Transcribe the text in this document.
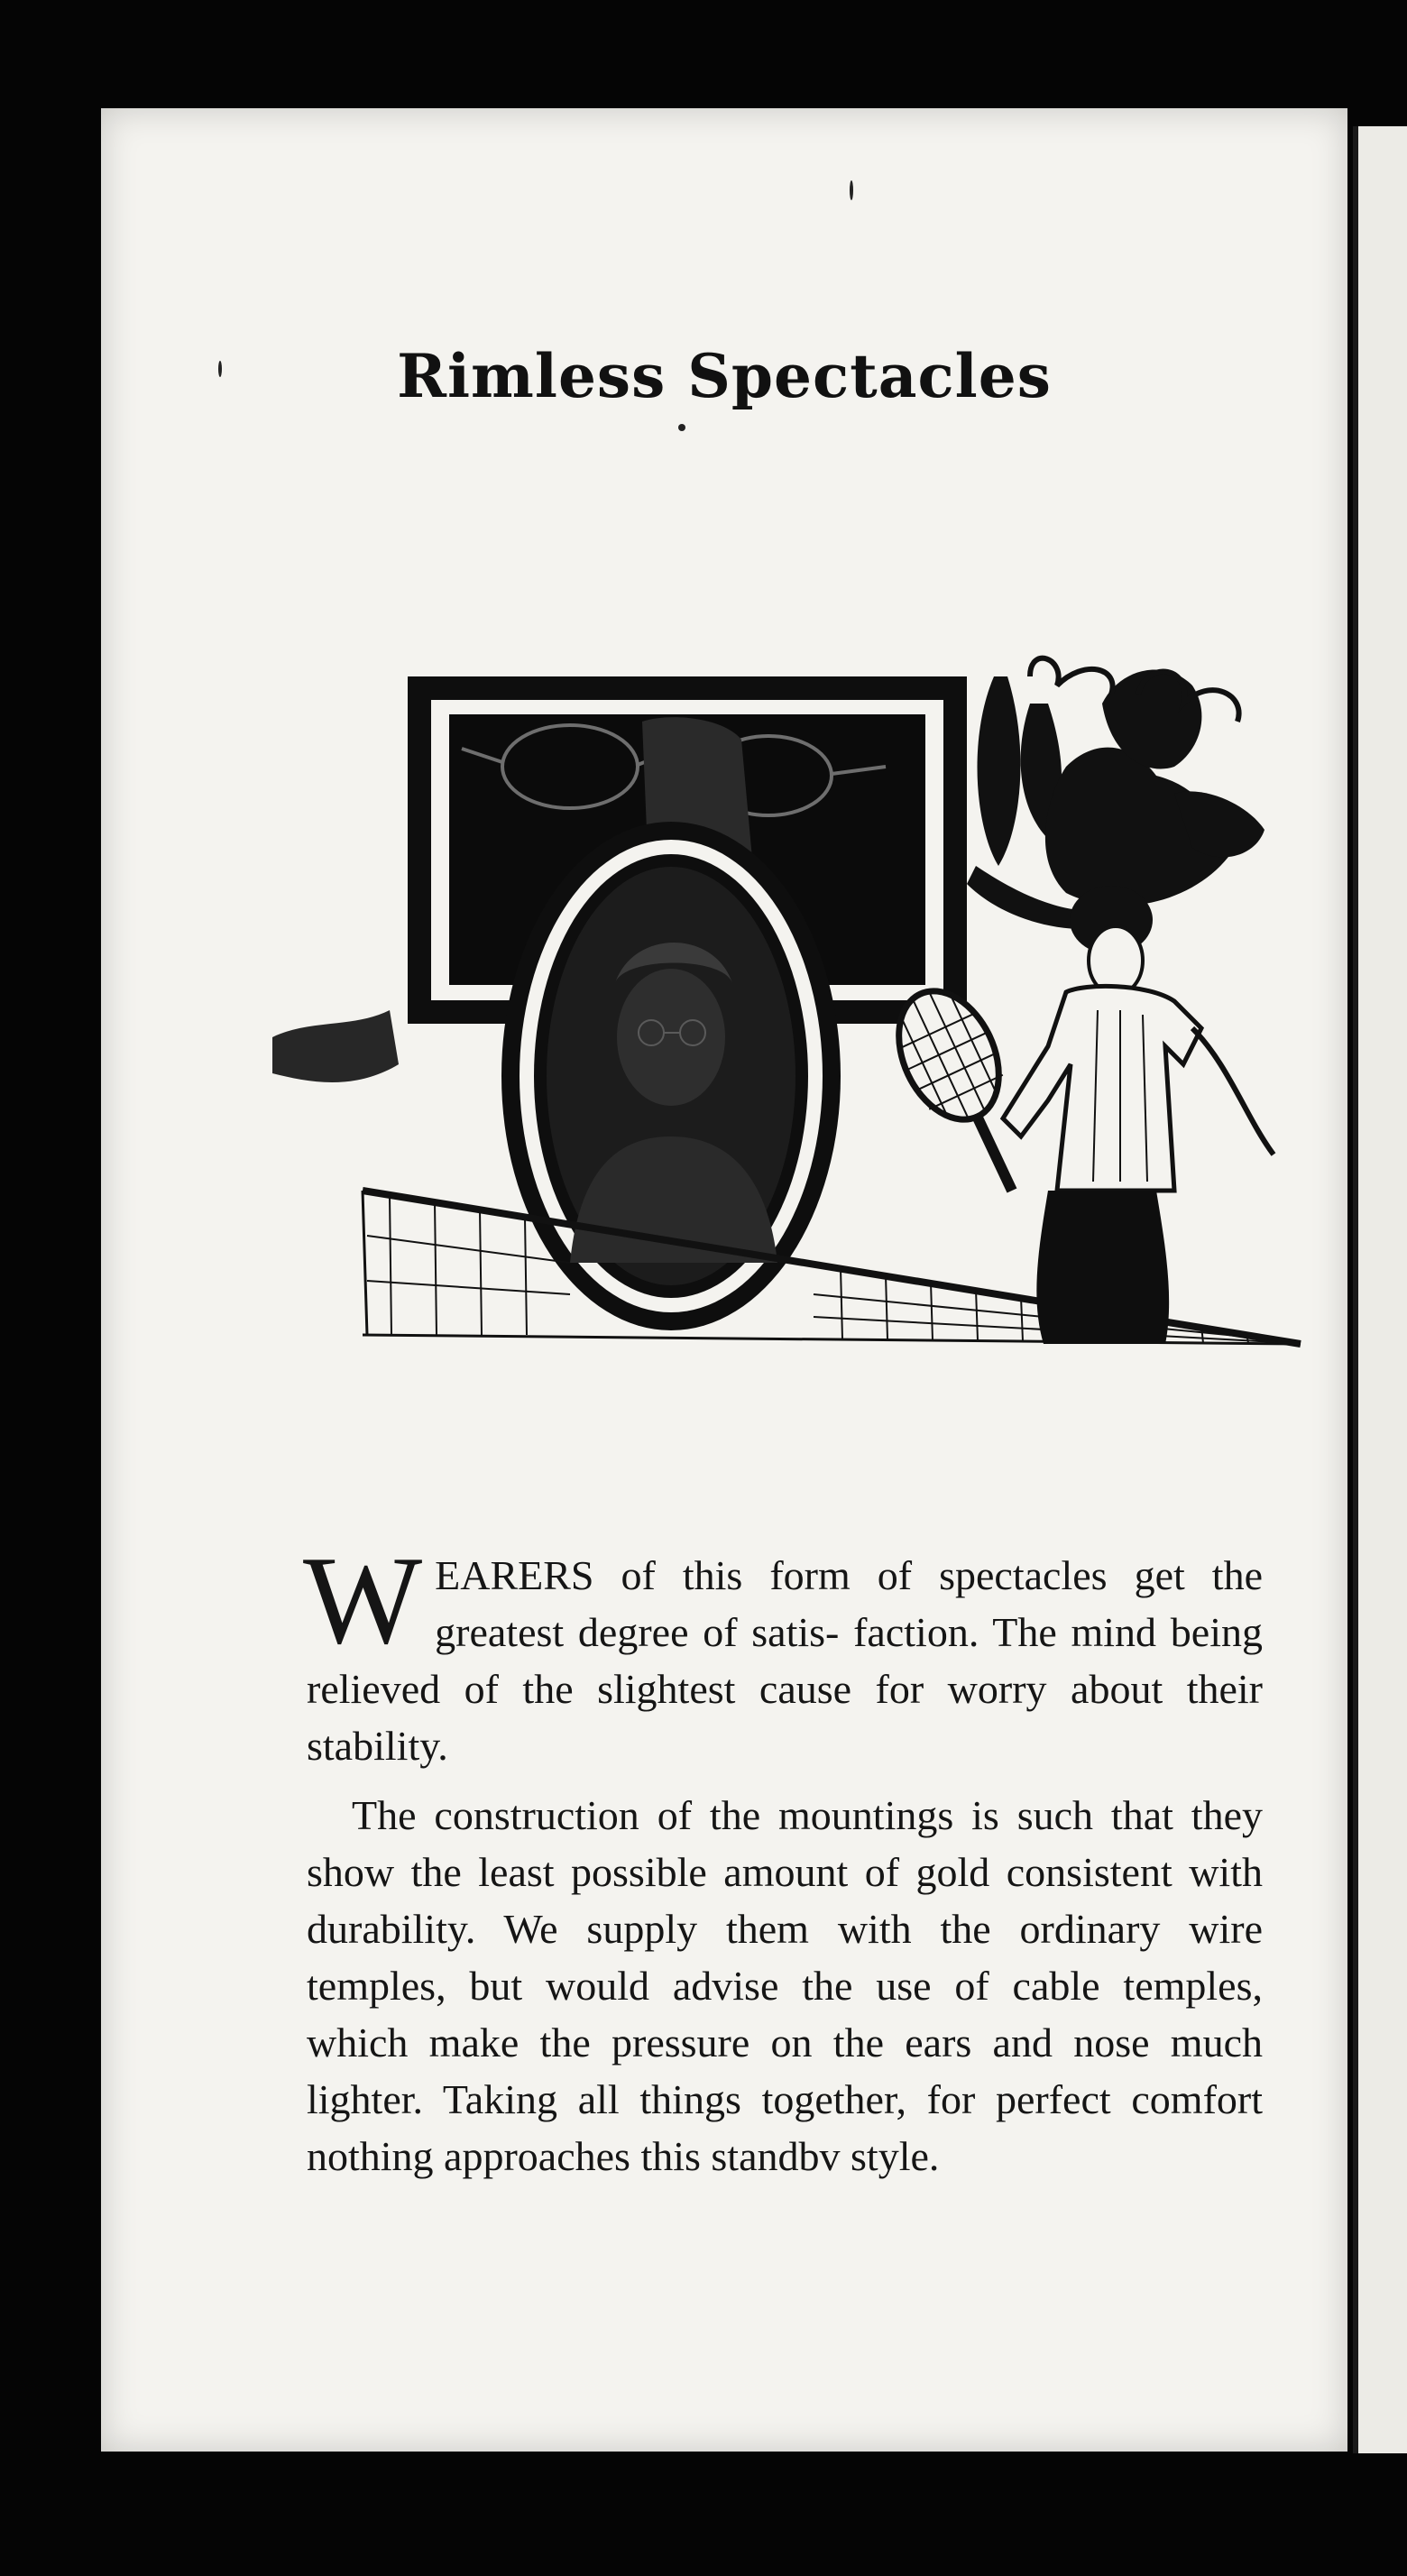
Rimless Spectacles

WEARERS of this form of spectacles get the greatest degree of satis- faction. The mind being relieved of the slightest cause for worry about their stability.

The construction of the mountings is such that they show the least possible amount of gold consistent with durability. We supply them with the ordinary wire temples, but would advise the use of cable temples, which make the pressure on the ears and nose much lighter. Taking all things together, for perfect comfort nothing approaches this standbv style.
